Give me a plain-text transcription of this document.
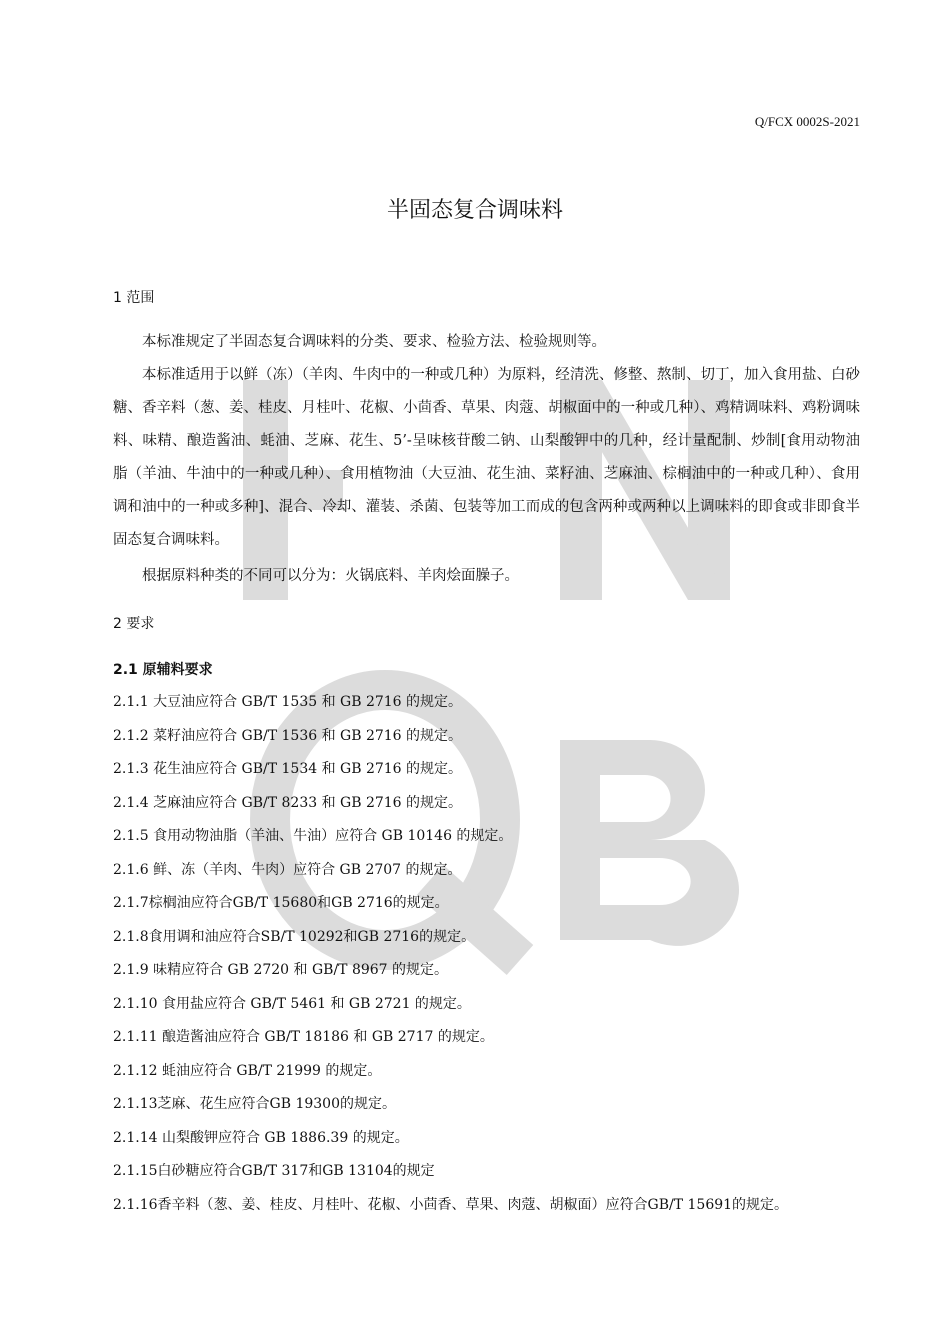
Q/FCX 0002S-2021
半固态复合调味料
1 范围

本标准规定了半固态复合调味料的分类、要求、检验方法、检验规则等。

本标准适用于以鲜（冻）（羊肉、牛肉中的一种或几种）为原料，经清洗、修整、熬制、切丁，加入食用盐、白砂糖、香辛料（葱、姜、桂皮、月桂叶、花椒、小茴香、草果、肉蔻、胡椒面中的一种或几种）、鸡精调味料、鸡粉调味料、味精、酿造酱油、蚝油、芝麻、花生、5’-呈味核苷酸二钠、山梨酸钾中的几种，经计量配制、炒制[食用动物油脂（羊油、牛油中的一种或几种）、食用植物油（大豆油、花生油、菜籽油、芝麻油、棕榈油中的一种或几种）、食用调和油中的一种或多种]、混合、冷却、灌装、杀菌、包装等加工而成的包含两种或两种以上调味料的即食或非即食半固态复合调味料。

根据原料种类的不同可以分为：火锅底料、羊肉烩面臊子。

2 要求
2.1 原辅料要求
2.1.1 大豆油应符合 GB/T 1535 和 GB 2716 的规定。
2.1.2 菜籽油应符合 GB/T 1536 和 GB 2716 的规定。
2.1.3 花生油应符合 GB/T 1534 和 GB 2716 的规定。
2.1.4 芝麻油应符合 GB/T 8233 和 GB 2716 的规定。
2.1.5 食用动物油脂（羊油、牛油）应符合 GB 10146 的规定。
2.1.6 鲜、冻（羊肉、牛肉）应符合 GB 2707 的规定。
2.1.7棕榈油应符合GB/T 15680和GB 2716的规定。
2.1.8食用调和油应符合SB/T 10292和GB 2716的规定。
2.1.9 味精应符合 GB 2720 和 GB/T 8967 的规定。
2.1.10 食用盐应符合 GB/T 5461 和 GB 2721 的规定。
2.1.11 酿造酱油应符合 GB/T 18186 和 GB 2717 的规定。
2.1.12 蚝油应符合 GB/T 21999 的规定。
2.1.13芝麻、花生应符合GB 19300的规定。
2.1.14 山梨酸钾应符合 GB 1886.39 的规定。
2.1.15白砂糖应符合GB/T 317和GB 13104的规定
2.1.16香辛料（葱、姜、桂皮、月桂叶、花椒、小茴香、草果、肉蔻、胡椒面）应符合GB/T 15691的规定。
